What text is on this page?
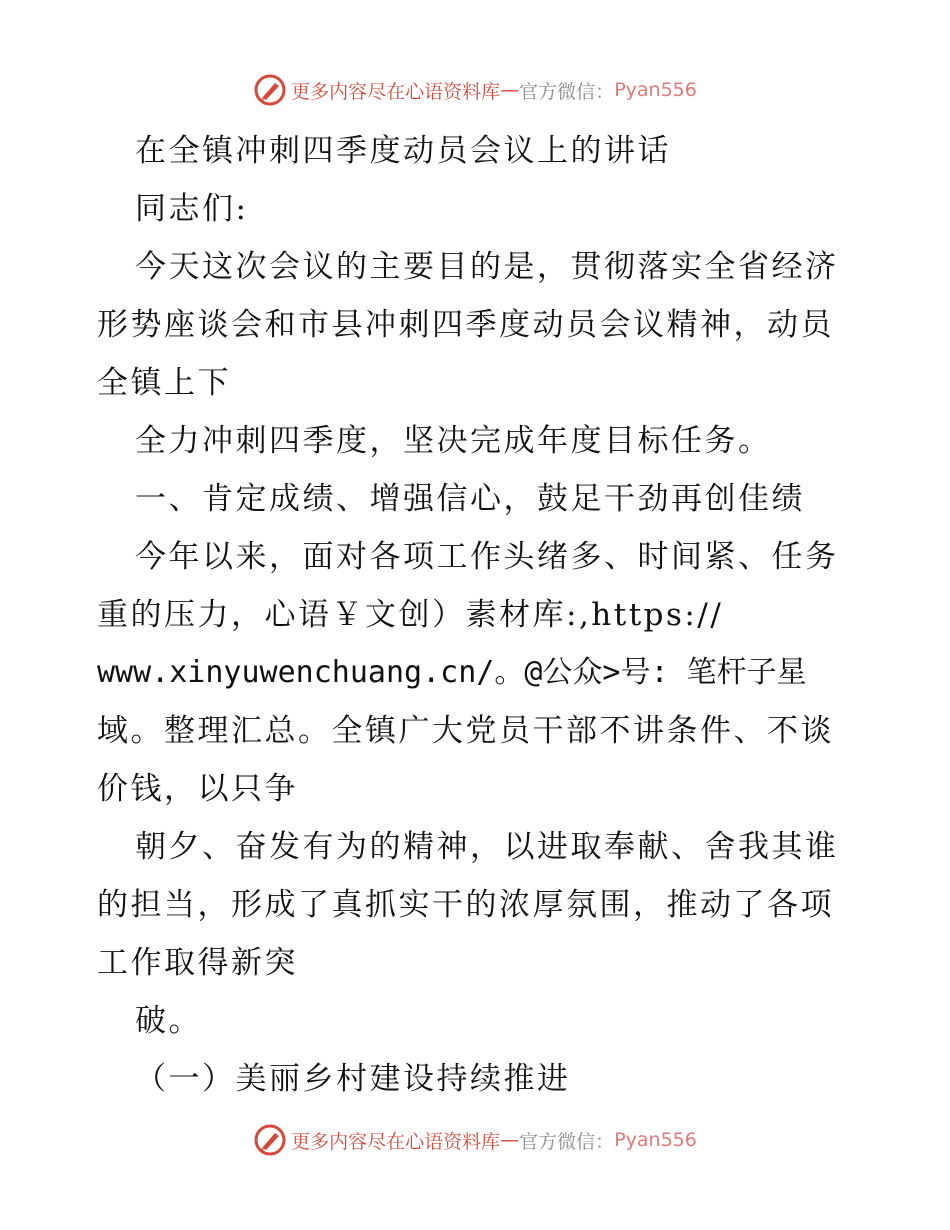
更多内容尽在心语资料库 — 官方微信： Pyan556
在全镇冲刺四季度动员会议上的讲话
同志们:
今天这次会议的主要目的是，贯彻落实全省经济
形势座谈会和市县冲刺四季度动员会议精神，动员
全镇上下
全力冲刺四季度，坚决完成年度目标任务。
一、肯定成绩、增强信心，鼓足干劲再创佳绩
今年以来，面对各项工作头绪多、时间紧、任务
重的压力，心语￥文创）素材库:,https://
www.xinyuwenchuang.cn/。@公众>号: 笔杆子星
域。整理汇总。全镇广大党员干部不讲条件、不谈
价钱，以只争
朝夕、奋发有为的精神，以进取奉献、舍我其谁
的担当，形成了真抓实干的浓厚氛围，推动了各项
工作取得新突
破。
（一）美丽乡村建设持续推进
更多内容尽在心语资料库 — 官方微信： Pyan556
